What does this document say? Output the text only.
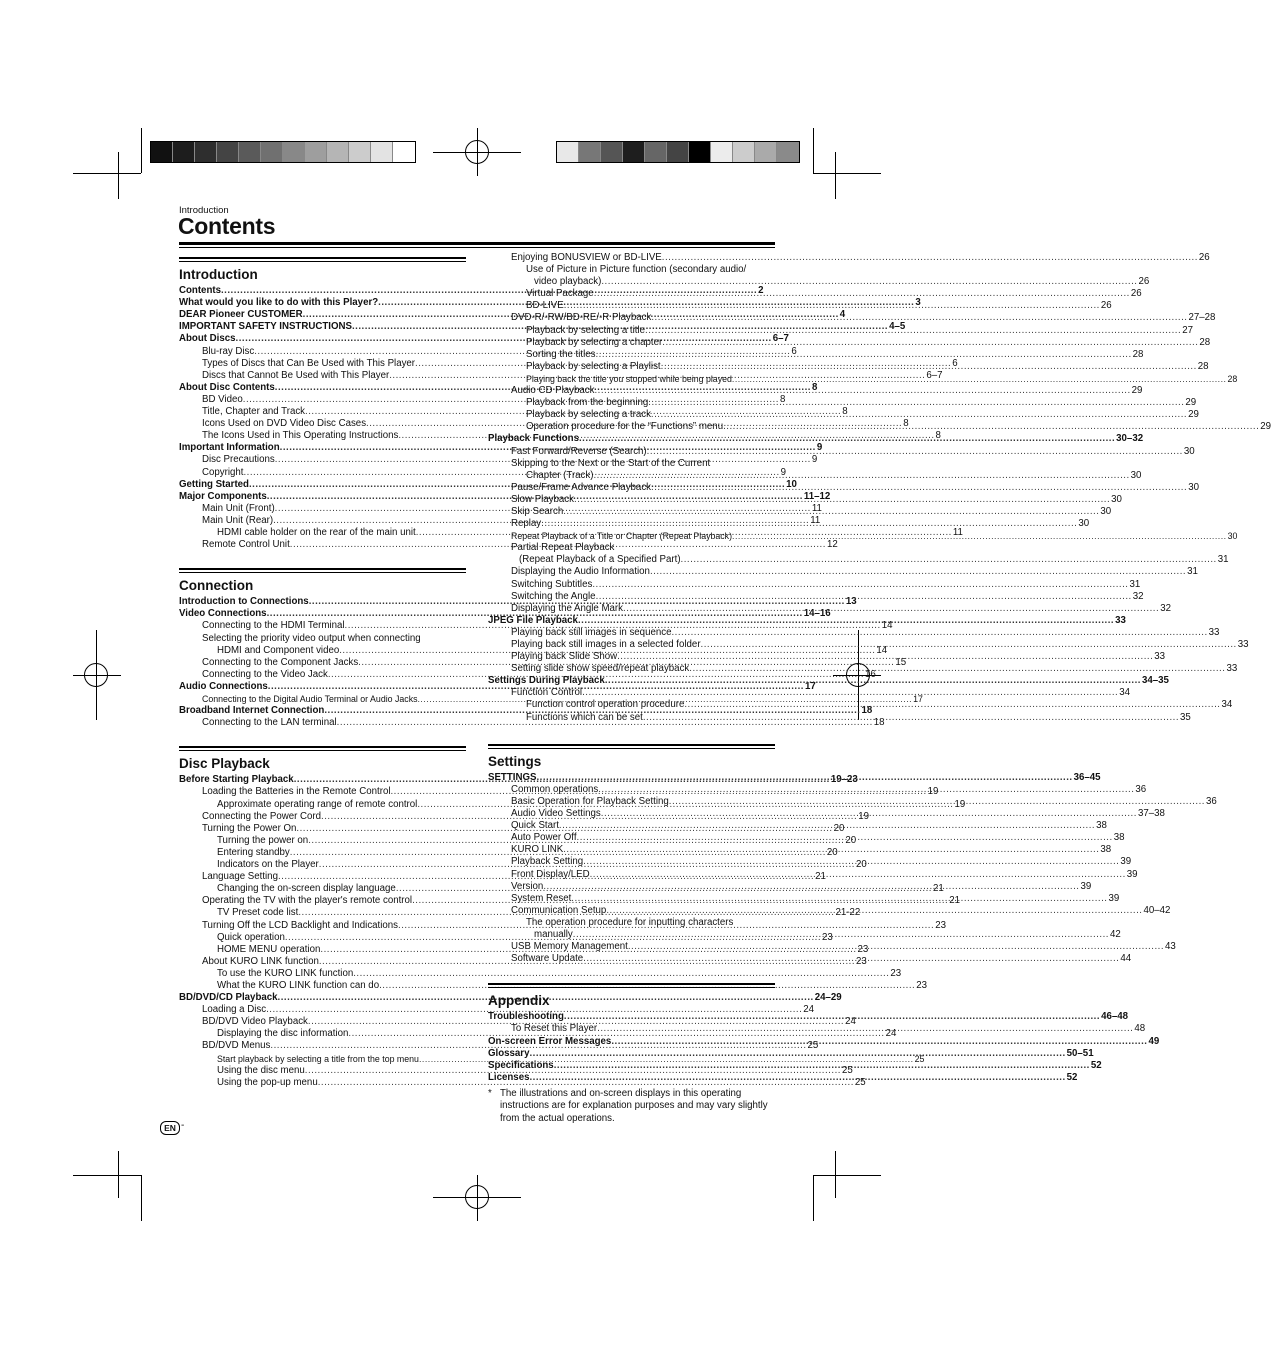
Introduction
Contents
Introduction
Contents .....	2
What would you like to do with this Player? .....	3
DEAR Pioneer CUSTOMER .....	4
IMPORTANT SAFETY INSTRUCTIONS .....	4–5
About Discs .....	6–7
Blu-ray Disc .....	6
Types of Discs that Can Be Used with This Player .....	6
Discs that Cannot Be Used with This Player .....	6–7
About Disc Contents .....	8
BD Video .....	8
Title, Chapter and Track .....	8
Icons Used on DVD Video Disc Cases .....	8
The Icons Used in This Operating Instructions .....	8
Important Information .....	9
Disc Precautions .....	9
Copyright .....	9
Getting Started .....	10
Major Components .....	11–12
Main Unit (Front) .....	11
Main Unit (Rear) .....	11
HDMI cable holder on the rear of the main unit .....	11
Remote Control Unit .....	12
Connection
Introduction to Connections .....	13
Video Connections .....	14–16
Connecting to the HDMI Terminal .....	14
Selecting the priority video output when connecting
HDMI and Component video .....	14
Connecting to the Component Jacks .....	15
Connecting to the Video Jack .....	16
Audio Connections .....	17
Connecting to the Digital Audio Terminal or Audio Jacks .....	17
Broadband Internet Connection .....	18
Connecting to the LAN terminal .....	18
Disc Playback
Before Starting Playback .....	19–23
Loading the Batteries in the Remote Control .....	19
Approximate operating range of remote control .....	19
Connecting the Power Cord .....	19
Turning the Power On .....	20
Turning the power on .....	20
Entering standby .....	20
Indicators on the Player .....	20
Language Setting .....	21
Changing the on-screen display language .....	21
Operating the TV with the player's remote control .....	21
TV Preset code list .....	21-22
Turning Off the LCD Backlight and Indications .....	23
Quick operation .....	23
HOME MENU operation .....	23
About KURO LINK function .....	23
To use the KURO LINK function .....	23
What the KURO LINK function can do .....	23
BD/DVD/CD Playback .....	24–29
Loading a Disc .....	24
BD/DVD Video Playback .....	24
Displaying the disc information .....	24
BD/DVD Menus .....	25
Start playback by selecting a title from the top menu .....	25
Using the disc menu .....	25
Using the pop-up menu .....	25
Enjoying BONUSVIEW or BD-LIVE .....	26
Use of Picture in Picture function (secondary audio/
video playback) .....	26
Virtual Package .....	26
BD-LIVE .....	26
DVD-R/-RW/BD-RE/-R Playback .....	27–28
Playback by selecting a title .....	27
Playback by selecting a chapter .....	28
Sorting the titles .....	28
Playback by selecting a Playlist .....	28
Playing back the title you stopped while being played .....	28
Audio CD Playback .....	29
Playback from the beginning .....	29
Playback by selecting a track .....	29
Operation procedure for the “Functions” menu .....	29
Playback Functions .....	30–32
Fast Forward/Reverse (Search) .....	30
Skipping to the Next or the Start of the Current
Chapter (Track) .....	30
Pause/Frame Advance Playback .....	30
Slow Playback .....	30
Skip Search .....	30
Replay .....	30
Repeat Playback of a Title or Chapter (Repeat Playback) .....	30
Partial Repeat Playback
(Repeat Playback of a Specified Part) .....	31
Displaying the Audio Information .....	31
Switching Subtitles .....	31
Switching the Angle .....	32
Displaying the Angle Mark .....	32
JPEG File Playback .....	33
Playing back still images in sequence .....	33
Playing back still images in a selected folder .....	33
Playing back Slide Show .....	33
Setting slide show speed/repeat playback .....	33
Settings During Playback .....	34–35
Function Control .....	34
Function control operation procedure .....	34
Functions which can be set .....	35
Settings
SETTINGS .....	36–45
Common operations .....	36
Basic Operation for Playback Setting .....	36
Audio Video Settings .....	37–38
Quick Start .....	38
Auto Power Off .....	38
KURO LINK .....	38
Playback Setting .....	39
Front Display/LED .....	39
Version .....	39
System Reset .....	39
Communication Setup .....	40–42
The operation procedure for inputting characters
manually .....	42
USB Memory Management .....	43
Software Update .....	44
Appendix
Troubleshooting .....	46–48
To Reset this Player .....	48
On-screen Error Messages .....	49
Glossary .....	50–51
Specifications .....	52
Licenses .....	52
* The illustrations and on-screen displays in this operating instructions are for explanation purposes and may vary slightly from the actual operations.
EN -
